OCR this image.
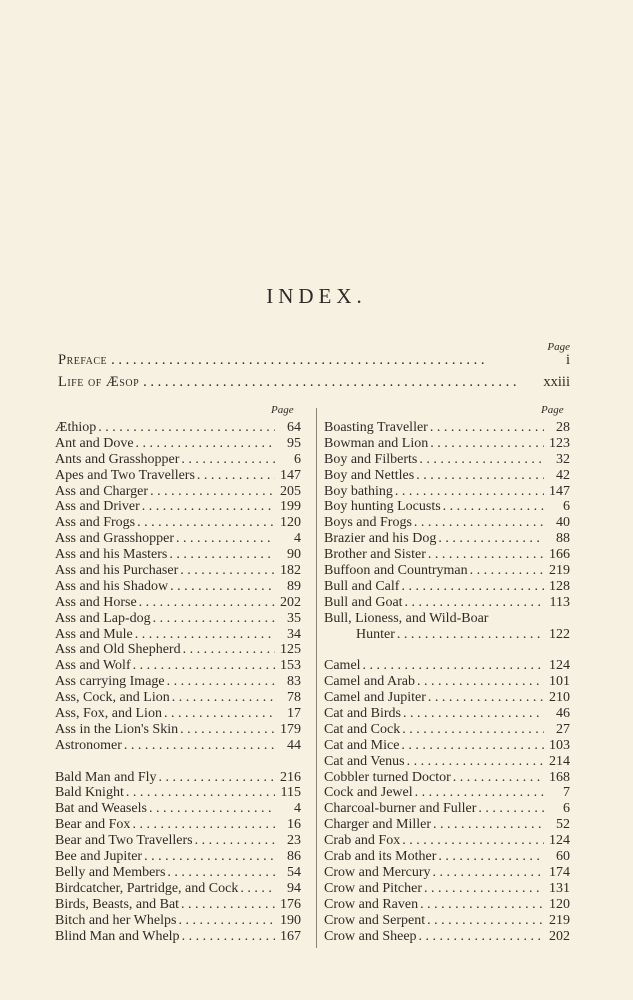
INDEX.
Page
Preface . . .	i
Life of Æsop . . .	xxiii
Page	Page
Æthiop . . .	64
Ant and Dove . . .	95
Ants and Grasshopper . . .	6
Apes and Two Travellers . . .	147
Ass and Charger . . .	205
Ass and Driver . . .	199
Ass and Frogs . . .	120
Ass and Grasshopper . . .	4
Ass and his Masters . . .	90
Ass and his Purchaser . . .	182
Ass and his Shadow . . .	89
Ass and Horse . . .	202
Ass and Lap-dog . . .	35
Ass and Mule . . .	34
Ass and Old Shepherd . . .	125
Ass and Wolf . . .	153
Ass carrying Image . . .	83
Ass, Cock, and Lion . . .	78
Ass, Fox, and Lion . . .	17
Ass in the Lion's Skin . . .	179
Astronomer . . .	44
Bald Man and Fly . . .	216
Bald Knight . . .	115
Bat and Weasels . . .	4
Bear and Fox . . .	16
Bear and Two Travellers . . .	23
Bee and Jupiter . . .	86
Belly and Members . . .	54
Birdcatcher, Partridge, and Cock . . .	94
Birds, Beasts, and Bat . . .	176
Bitch and her Whelps . . .	190
Blind Man and Whelp . . .	167
Boasting Traveller . . .	28
Bowman and Lion . . .	123
Boy and Filberts . . .	32
Boy and Nettles . . .	42
Boy bathing . . .	147
Boy hunting Locusts . . .	6
Boys and Frogs . . .	40
Brazier and his Dog . . .	88
Brother and Sister . . .	166
Buffoon and Countryman . . .	219
Bull and Calf . . .	128
Bull and Goat . . .	113
Bull, Lioness, and Wild-Boar
Hunter . . .	122
Camel . . .	124
Camel and Arab . . .	101
Camel and Jupiter . . .	210
Cat and Birds . . .	46
Cat and Cock . . .	27
Cat and Mice . . .	103
Cat and Venus . . .	214
Cobbler turned Doctor . . .	168
Cock and Jewel . . .	7
Charcoal-burner and Fuller . . .	6
Charger and Miller . . .	52
Crab and Fox . . .	124
Crab and its Mother . . .	60
Crow and Mercury . . .	174
Crow and Pitcher . . .	131
Crow and Raven . . .	120
Crow and Serpent . . .	219
Crow and Sheep . . .	202
